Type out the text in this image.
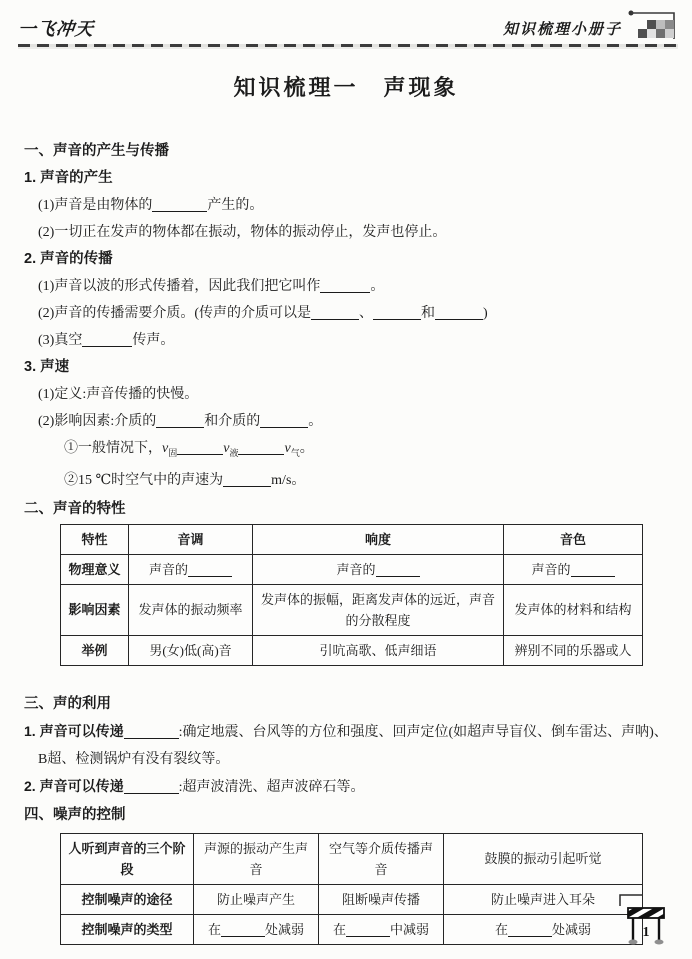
一飞冲天	知识梳理小册子
知识梳理一　声现象
一、声音的产生与传播
1. 声音的产生

(1)声音是由物体的	产生的。

(2)一切正在发声的物体都在振动，物体的振动停止，发声也停止。

2. 声音的传播

(1)声音以波的形式传播着，因此我们把它叫作	。

(2)声音的传播需要介质。(传声的介质可以是	、	和	)

(3)真空	传声。

3. 声速

(1)定义:声音传播的快慢。

(2)影响因素:介质的	和介质的	。

①一般情况下，$v_固$	$v_液$	$v_气$。

②15 ℃时空气中的声速为	m/s。

二、声音的特性
特性	音调	响度	音色
物理意义	声音的	声音的	声音的
影响因素	发声体的振动频率	发声体的振幅，距离发声体的远近，声音的分散程度	发声体的材料和结构
举例	男(女)低(高)音	引吭高歌、低声细语	辨别不同的乐器或人
三、声的利用

1. 声音可以传递	:确定地震、台风等的方位和强度、回声定位(如超声导盲仪、倒车雷达、声呐)、B超、检测锅炉有没有裂纹等。

2. 声音可以传递	:超声波清洗、超声波碎石等。

四、噪声的控制
人听到声音的三个阶段	声源的振动产生声音	空气等介质传播声音	鼓膜的振动引起听觉
控制噪声的途径	防止噪声产生	阻断噪声传播	防止噪声进入耳朵
控制噪声的类型	在 处减弱	在 中减弱	在 处减弱	1
